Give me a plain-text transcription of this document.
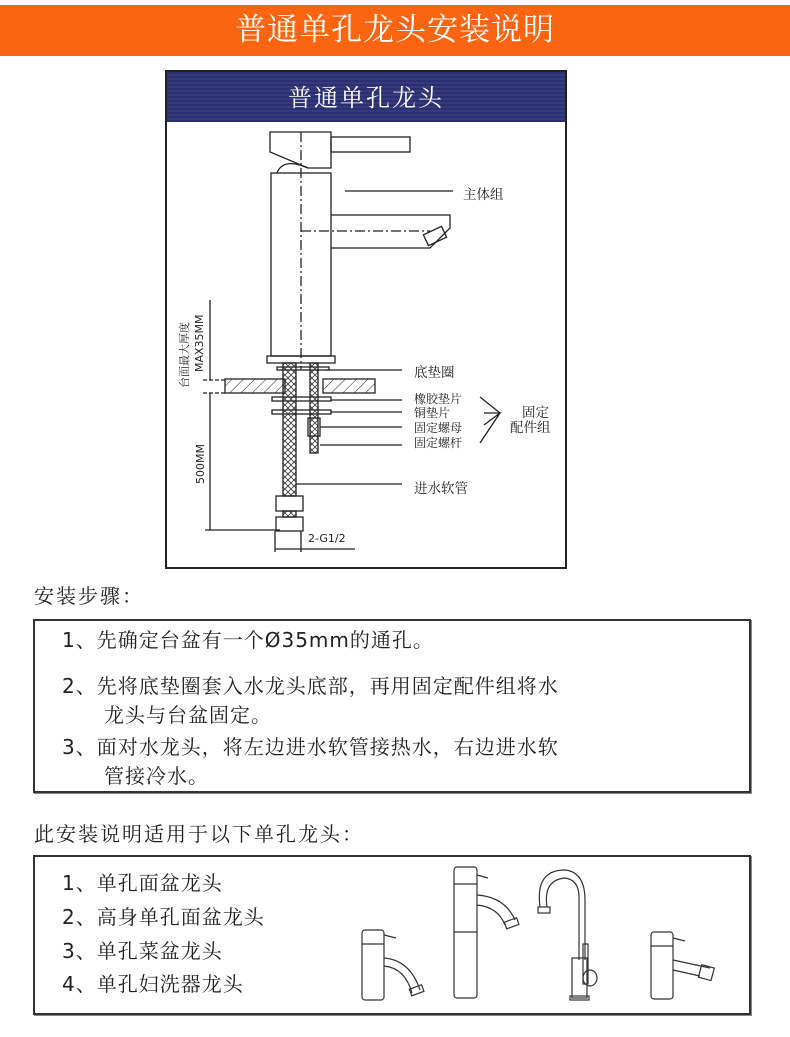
普通单孔龙头安装说明
普通单孔龙头
主体组
底垫圈
橡胶垫片
铜垫片
固定螺母
固定螺杆
固定
配件组
进水软管
台面最大厚度 MAX35MM
500MM
2-G1/2
安装步骤：
1、先确定台盆有一个Ø35mm的通孔。
2、先将底垫圈套入水龙头底部，再用固定配件组将水
　　龙头与台盆固定。
3、面对水龙头，将左边进水软管接热水，右边进水软
　　管接冷水。
此安装说明适用于以下单孔龙头：
1、单孔面盆龙头
2、高身单孔面盆龙头
3、单孔菜盆龙头
4、单孔妇洗器龙头
